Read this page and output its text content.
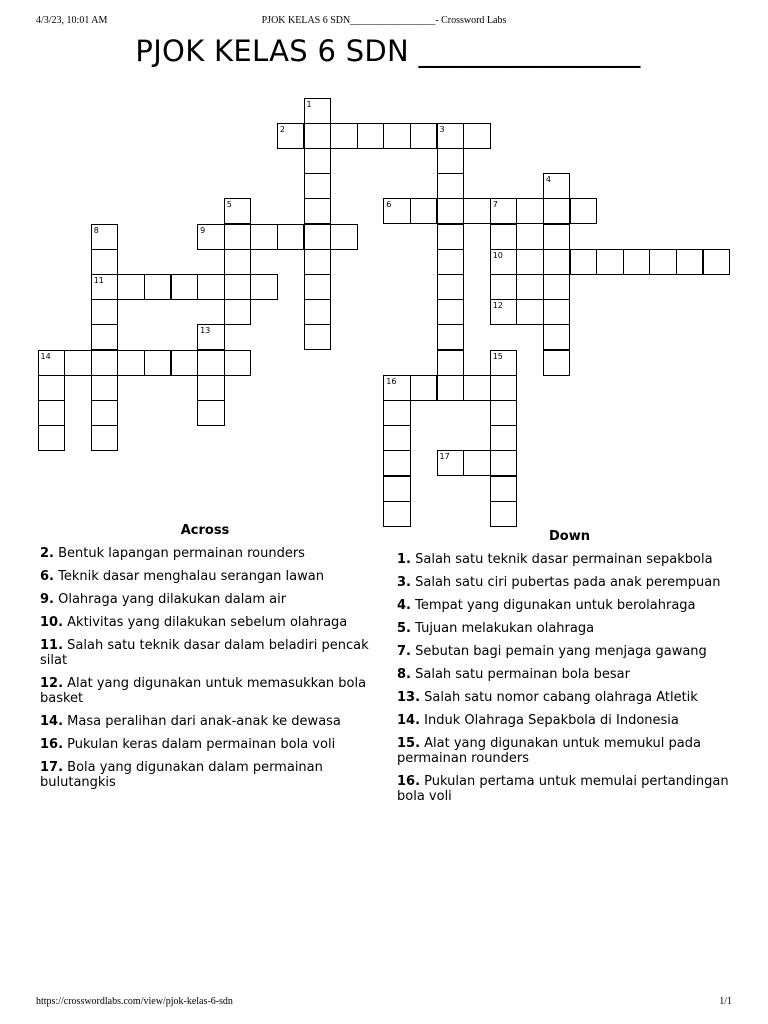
4/3/23, 10:01 AM	PJOK KELAS 6 SDN_________________- Crossword Labs
PJOK KELAS 6 SDN _______________
1
2	3
4
5	6	7
8	9
10
11
12
13
14	15
16
17
Across
2. Bentuk lapangan permainan rounders
6. Teknik dasar menghalau serangan lawan
9. Olahraga yang dilakukan dalam air
10. Aktivitas yang dilakukan sebelum olahraga
11. Salah satu teknik dasar dalam beladiri pencak silat
12. Alat yang digunakan untuk memasukkan bola basket
14. Masa peralihan dari anak-anak ke dewasa
16. Pukulan keras dalam permainan bola voli
17. Bola yang digunakan dalam permainan bulutangkis
Down
1. Salah satu teknik dasar permainan sepakbola
3. Salah satu ciri pubertas pada anak perempuan
4. Tempat yang digunakan untuk berolahraga
5. Tujuan melakukan olahraga
7. Sebutan bagi pemain yang menjaga gawang
8. Salah satu permainan bola besar
13. Salah satu nomor cabang olahraga Atletik
14. Induk Olahraga Sepakbola di Indonesia
15. Alat yang digunakan untuk memukul pada permainan rounders
16. Pukulan pertama untuk memulai pertandingan bola voli
https://crosswordlabs.com/view/pjok-kelas-6-sdn	1/1
